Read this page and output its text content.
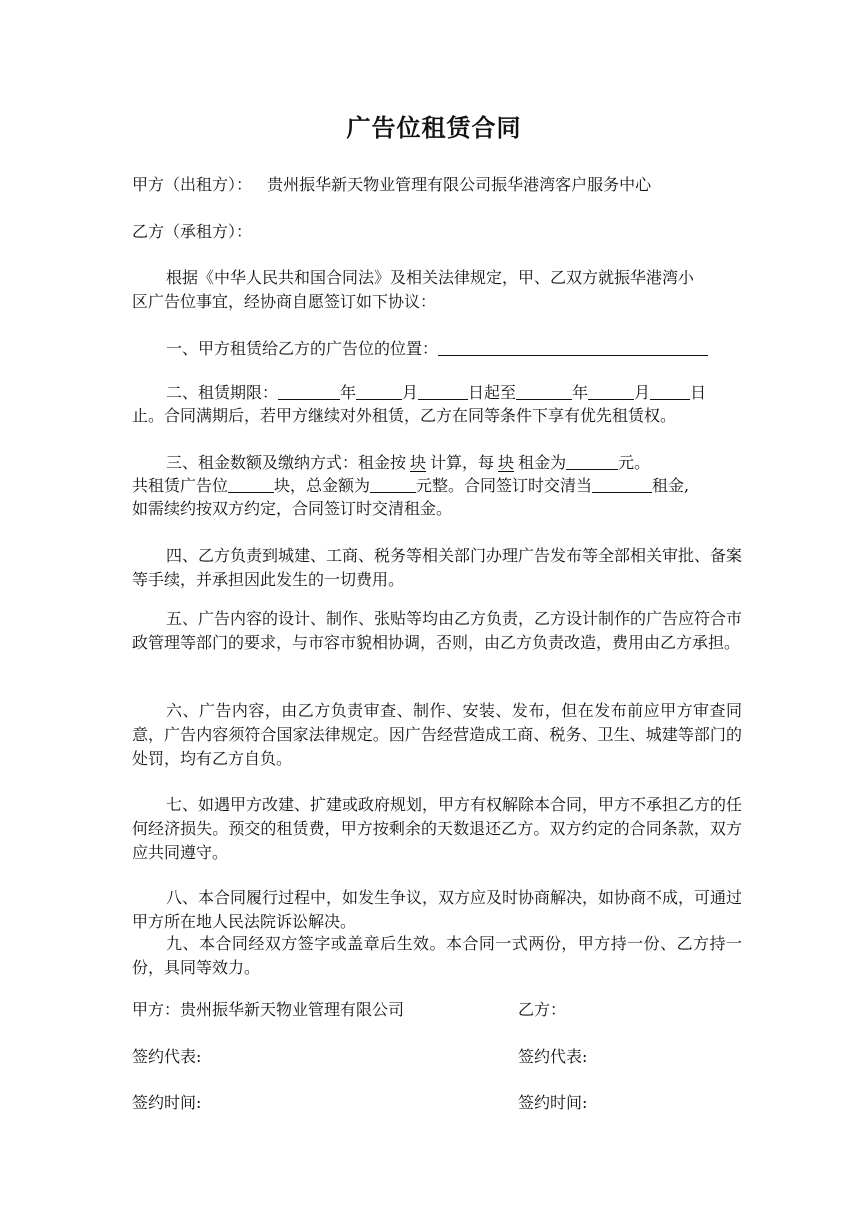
广告位租赁合同
甲方（出租方）： 贵州振华新天物业管理有限公司振华港湾客户服务中心
乙方（承租方）：
根据《中华人民共和国合同法》及相关法律规定，甲、乙双方就振华港湾小
区广告位事宜，经协商自愿签订如下协议：
一、甲方租赁给乙方的广告位的位置：
二、租赁期限：	年	月	日起至	年	月	日
止。合同满期后，若甲方继续对外租赁，乙方在同等条件下享有优先租赁权。
三、租金数额及缴纳方式：租金按 块 计算，每 块 租金为	元。
共租赁广告位	块，总金额为	元整。合同签订时交清当	租金,
如需续约按双方约定，合同签订时交清租金。
四、乙方负责到城建、工商、税务等相关部门办理广告发布等全部相关审批、备案等手续，并承担因此发生的一切费用。
五、广告内容的设计、制作、张贴等均由乙方负责，乙方设计制作的广告应符合市政管理等部门的要求，与市容市貌相协调，否则，由乙方负责改造，费用由乙方承担。
六、广告内容，由乙方负责审查、制作、安装、发布，但在发布前应甲方审查同意，广告内容须符合国家法律规定。因广告经营造成工商、税务、卫生、城建等部门的处罚，均有乙方自负。
七、如遇甲方改建、扩建或政府规划，甲方有权解除本合同，甲方不承担乙方的任何经济损失。预交的租赁费，甲方按剩余的天数退还乙方。双方约定的合同条款，双方应共同遵守。
八、本合同履行过程中，如发生争议，双方应及时协商解决，如协商不成，可通过甲方所在地人民法院诉讼解决。
九、本合同经双方签字或盖章后生效。本合同一式两份，甲方持一份、乙方持一份，具同等效力。
甲方：贵州振华新天物业管理有限公司	乙方：
签约代表:	签约代表:
签约时间:	签约时间:
